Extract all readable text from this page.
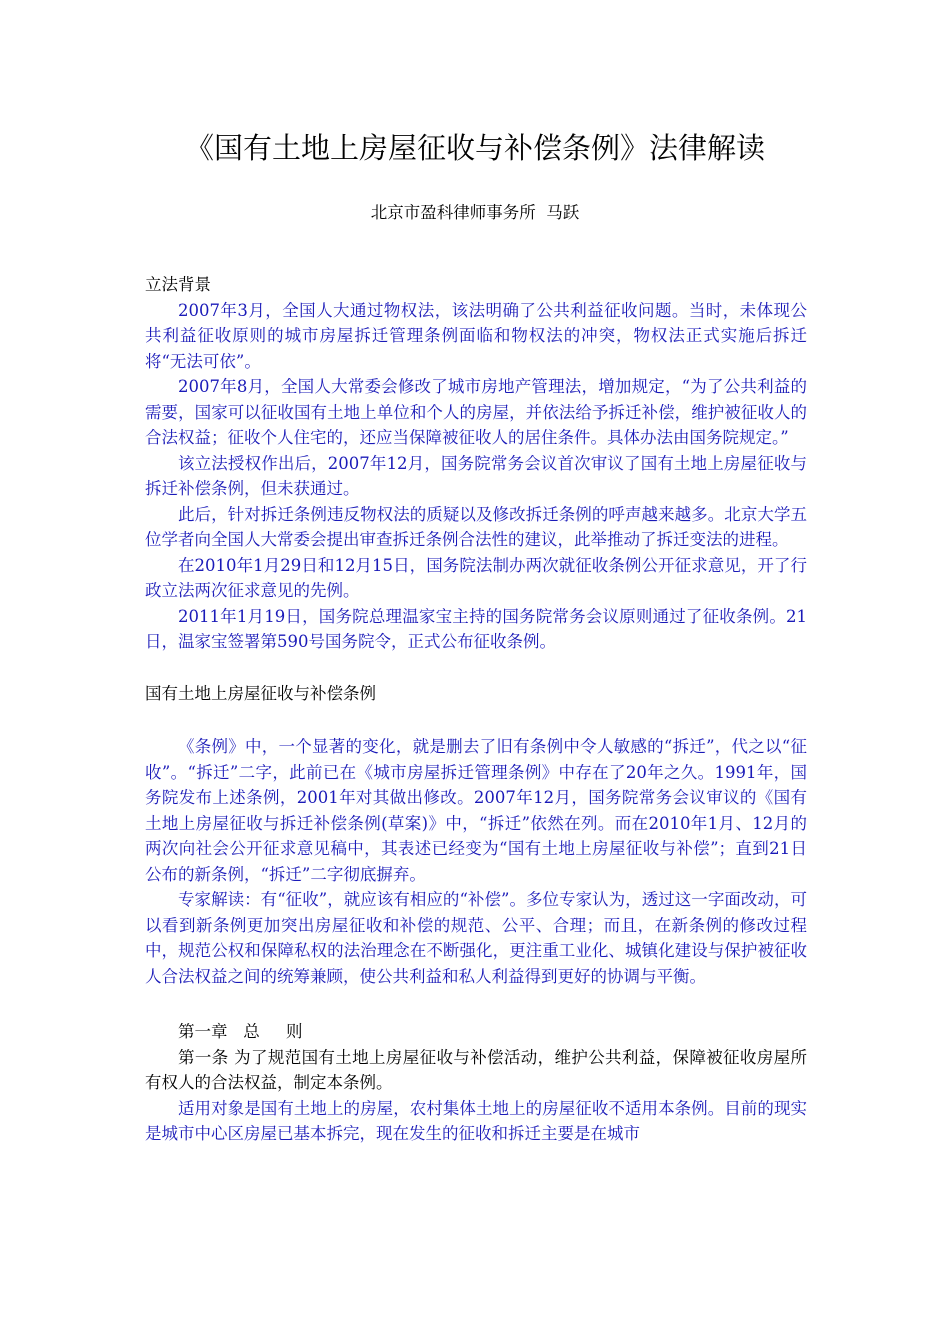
《国有土地上房屋征收与补偿条例》法律解读
北京市盈科律师事务所  马跃

立法背景

2007年3月，全国人大通过物权法，该法明确了公共利益征收问题。当时，未体现公共利益征收原则的城市房屋拆迁管理条例面临和物权法的冲突，物权法正式实施后拆迁将“无法可依”。

2007年8月，全国人大常委会修改了城市房地产管理法，增加规定，“为了公共利益的需要，国家可以征收国有土地上单位和个人的房屋，并依法给予拆迁补偿，维护被征收人的合法权益；征收个人住宅的，还应当保障被征收人的居住条件。具体办法由国务院规定。”

该立法授权作出后，2007年12月，国务院常务会议首次审议了国有土地上房屋征收与拆迁补偿条例，但未获通过。

此后，针对拆迁条例违反物权法的质疑以及修改拆迁条例的呼声越来越多。北京大学五位学者向全国人大常委会提出审查拆迁条例合法性的建议，此举推动了拆迁变法的进程。

在2010年1月29日和12月15日，国务院法制办两次就征收条例公开征求意见，开了行政立法两次征求意见的先例。

2011年1月19日，国务院总理温家宝主持的国务院常务会议原则通过了征收条例。21日，温家宝签署第590号国务院令，正式公布征收条例。

国有土地上房屋征收与补偿条例

《条例》中，一个显著的变化，就是删去了旧有条例中令人敏感的“拆迁”，代之以“征收”。“拆迁”二字，此前已在《城市房屋拆迁管理条例》中存在了20年之久。1991年，国务院发布上述条例，2001年对其做出修改。2007年12月，国务院常务会议审议的《国有土地上房屋征收与拆迁补偿条例(草案)》中，“拆迁”依然在列。而在2010年1月、12月的两次向社会公开征求意见稿中，其表述已经变为“国有土地上房屋征收与补偿”；直到21日公布的新条例，“拆迁”二字彻底摒弃。

专家解读：有“征收”，就应该有相应的“补偿”。多位专家认为，透过这一字面改动，可以看到新条例更加突出房屋征收和补偿的规范、公平、合理；而且，在新条例的修改过程中，规范公权和保障私权的法治理念在不断强化，更注重工业化、城镇化建设与保护被征收人合法权益之间的统筹兼顾，使公共利益和私人利益得到更好的协调与平衡。

第一章   总     则

第一条 为了规范国有土地上房屋征收与补偿活动，维护公共利益，保障被征收房屋所有权人的合法权益，制定本条例。

适用对象是国有土地上的房屋，农村集体土地上的房屋征收不适用本条例。目前的现实是城市中心区房屋已基本拆完，现在发生的征收和拆迁主要是在城市
